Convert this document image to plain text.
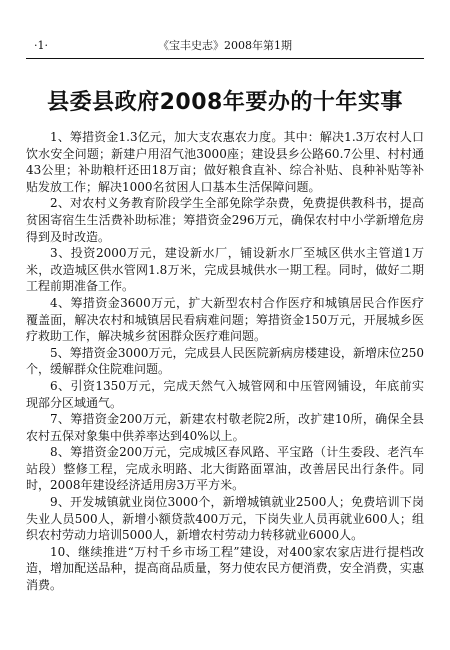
·1·	《宝丰史志》2008年第1期
县委县政府2008年要办的十年实事

1、筹措资金1.3亿元，加大支农惠农力度。其中：解决1.3万农村人口饮水安全问题；新建户用沼气池3000座；建设县乡公路60.7公里、村村通43公里；补助粮杆还田18万亩；做好粮食直补、综合补贴、良种补贴等补贴发放工作；解决1000名贫困人口基本生活保障问题。

2、对农村义务教育阶段学生全部免除学杂费，免费提供教科书，提高贫困寄宿生生活费补助标准；筹措资金296万元，确保农村中小学新增危房得到及时改造。

3、投资2000万元，建设新水厂，铺设新水厂至城区供水主管道1万米，改造城区供水管网1.8万米，完成县城供水一期工程。同时，做好二期工程前期准备工作。

4、筹措资金3600万元，扩大新型农村合作医疗和城镇居民合作医疗覆盖面，解决农村和城镇居民看病难问题；筹措资金150万元，开展城乡医疗救助工作，解决城乡贫困群众医疗难问题。

5、筹措资金3000万元，完成县人民医院新病房楼建设，新增床位250个，缓解群众住院难问题。

6、引资1350万元，完成天然气入城管网和中压管网铺设，年底前实现部分区域通气。

7、筹措资金200万元，新建农村敬老院2所，改扩建10所，确保全县农村五保对象集中供养率达到40%以上。

8、筹措资金200万元，完成城区春风路、平宝路（计生委段、老汽车站段）整修工程，完成永明路、北大街路面罩油，改善居民出行条件。同时，2008年建设经济适用房3万平方米。

9、开发城镇就业岗位3000个，新增城镇就业2500人；免费培训下岗失业人员500人，新增小额贷款400万元，下岗失业人员再就业600人；组织农村劳动力培训5000人，新增农村劳动力转移就业6000人。

10、继续推进“万村千乡市场工程”建设，对400家农家店进行提档改造，增加配送品种，提高商品质量，努力使农民方便消费，安全消费，实惠消费。
